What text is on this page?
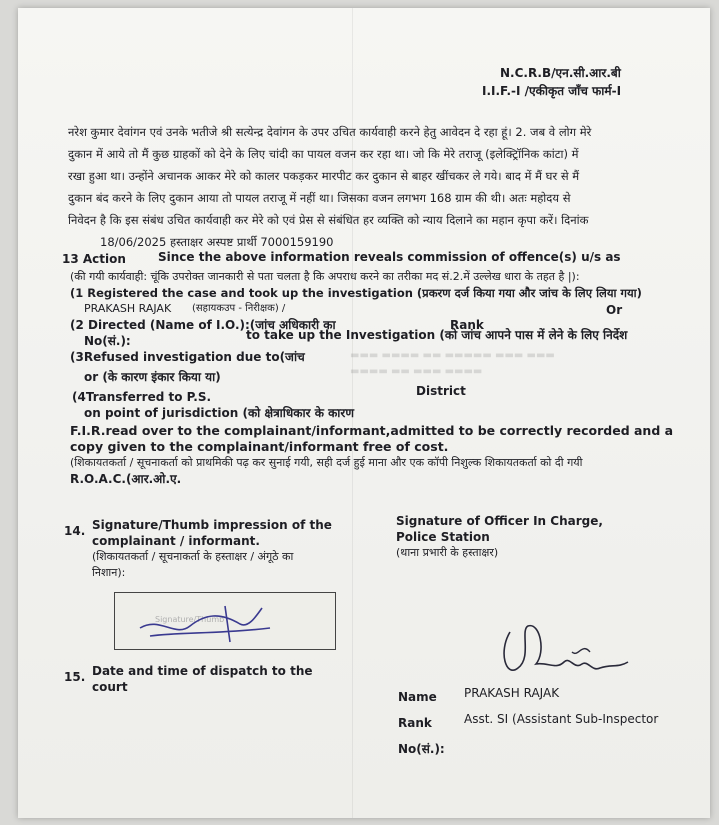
▬▬▬ ▬▬▬▬ ▬▬ ▬▬▬▬▬ ▬▬▬ ▬▬▬
▬▬▬▬ ▬▬ ▬▬▬ ▬▬▬▬
N.C.R.B/एन.सी.आर.बी
I.I.F.-I /एकीकृत जाँच फार्म-I
नरेश कुमार देवांगन एवं उनके भतीजे श्री सत्येन्द्र देवांगन के उपर उचित कार्यवाही करने हेतु आवेदन दे रहा हूं। 2. जब वे लोग मेरे
दुकान में आये तो मैं कुछ ग्राहकों को देने के लिए चांदी का पायल वजन कर रहा था। जो कि मेरे तराजू (इलेक्ट्रिॉनिक कांटा) में
रखा हुआ था। उन्होंने अचानक आकर मेरे को कालर पकड़कर मारपीट कर दुकान से बाहर खींचकर ले गये। बाद में मैं घर से मैं
दुकान बंद करने के लिए दुकान आया तो पायल तराजू में नहीं था। जिसका वजन लगभग 168 ग्राम की थी। अतः महोदय से
निवेदन है कि इस संबंध उचित कार्यवाही कर मेरे को एवं प्रेस से संबंधित हर व्यक्ति को न्याय दिलाने का महान कृपा करें। दिनांक
18/06/2025 हस्ताक्षर अस्पष्ट प्रार्थी 7000159190
13 Action	Since the above information reveals commission of offence(s) u/s as
(की गयी कार्यवाही: चूंकि उपरोक्त जानकारी से पता चलता है कि अपराध करने का तरीका मद सं.2.में उल्लेख धारा के तहत है |):
(1 Registered the case and took up the investigation (प्रकरण दर्ज किया गया और जांच के लिए लिया गया)
Or
PRAKASH RAJAK (सहायकउप - निरीक्षक) /
Rank
(2 Directed (Name of I.O.):(जांच अधिकारी का
No(सं.):	to take up the Investigation (को जांच आपने पास में लेने के लिए निर्देश
(3Refused investigation due to(जांच
or (के कारण इंकार किया या)
(4Transferred to P.S.	District
on point of jurisdiction (को क्षेत्राधिकार के कारण
F.I.R.read over to the complainant/informant,admitted to be correctly recorded and a
copy given to the complainant/informant free of cost.
(शिकायतकर्ता / सूचनाकर्ता को प्राथमिकी पढ़ कर सुनाई गयी, सही दर्ज हुई माना और एक कॉपी निशुल्क शिकायतकर्ता को दी गयी
R.O.A.C.(आर.ओ.ए.
14. Signature/Thumb impression of the
complainant / informant.
(शिकायतकर्ता / सूचनाकर्ता के हस्ताक्षर / अंगूठे का
निशान):
Signature/Thumb
Signature of Officer In Charge,
Police Station
(थाना प्रभारी के हस्ताक्षर)
15. Date and time of dispatch to the
court
Name PRAKASH RAJAK
Rank	Asst. SI (Assistant Sub-Inspector
No(सं.):
